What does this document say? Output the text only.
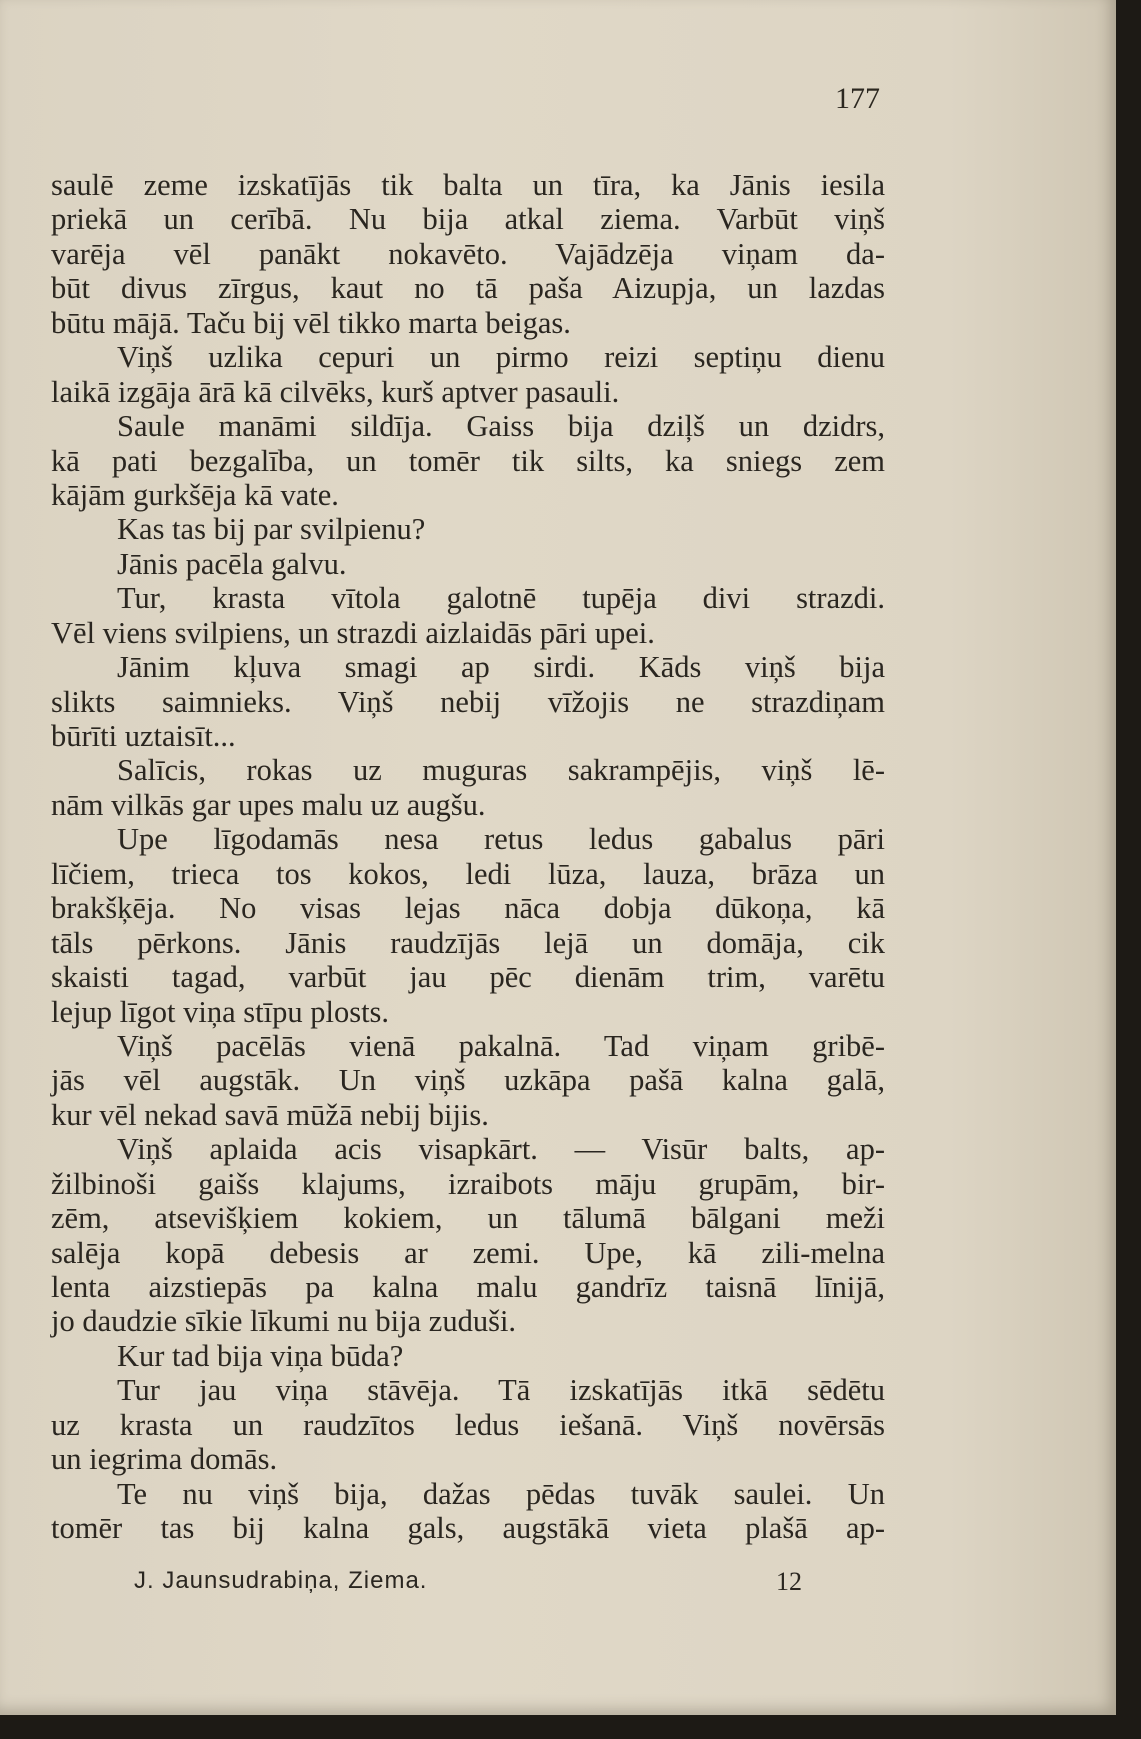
177
saulē zeme izskatījās tik balta un tīra, ka Jānis iesila
priekā un cerībā. Nu bija atkal ziema. Varbūt viņš
varēja vēl panākt nokavēto. Vajādzēja viņam da-
būt divus zīrgus, kaut no tā paša Aizupja, un lazdas
būtu mājā. Taču bij vēl tikko marta beigas.
Viņš uzlika cepuri un pirmo reizi septiņu dienu
laikā izgāja ārā kā cilvēks, kurš aptver pasauli.
Saule manāmi sildīja. Gaiss bija dziļš un dzidrs,
kā pati bezgalība, un tomēr tik silts, ka sniegs zem
kājām gurkšēja kā vate.
Kas tas bij par svilpienu?
Jānis pacēla galvu.
Tur, krasta vītola galotnē tupēja divi strazdi.
Vēl viens svilpiens, un strazdi aizlaidās pāri upei.
Jānim kļuva smagi ap sirdi. Kāds viņš bija
slikts saimnieks. Viņš nebij vīžojis ne strazdiņam
būrīti uztaisīt...
Salīcis, rokas uz muguras sakrampējis, viņš lē-
nām vilkās gar upes malu uz augšu.
Upe līgodamās nesa retus ledus gabalus pāri
līčiem, trieca tos kokos, ledi lūza, lauza, brāza un
brakšķēja. No visas lejas nāca dobja dūkoņa, kā
tāls pērkons. Jānis raudzījās lejā un domāja, cik
skaisti tagad, varbūt jau pēc dienām trim, varētu
lejup līgot viņa stīpu plosts.
Viņš pacēlās vienā pakalnā. Tad viņam gribē-
jās vēl augstāk. Un viņš uzkāpa pašā kalna galā,
kur vēl nekad savā mūžā nebij bijis.
Viņš aplaida acis visapkārt. — Visūr balts, ap-
žilbinoši gaišs klajums, izraibots māju grupām, bir-
zēm, atsevišķiem kokiem, un tālumā bālgani meži
salēja kopā debesis ar zemi. Upe, kā zili-melna
lenta aizstiepās pa kalna malu gandrīz taisnā līnijā,
jo daudzie sīkie līkumi nu bija zuduši.
Kur tad bija viņa būda?
Tur jau viņa stāvēja. Tā izskatījās itkā sēdētu
uz krasta un raudzītos ledus iešanā. Viņš novērsās
un iegrima domās.
Te nu viņš bija, dažas pēdas tuvāk saulei. Un
tomēr tas bij kalna gals, augstākā vieta plašā ap-
J. Jaunsudrabiņa, Ziema.	12
